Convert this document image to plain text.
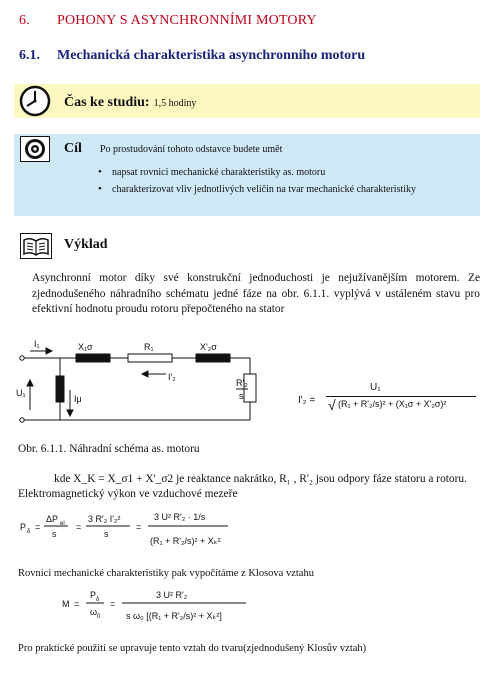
6. POHONY S ASYNCHRONNÍMI MOTORY
6.1. Mechanická charakteristika asynchronního motoru
Čas ke studiu: 1,5 hodiny
Cíl Po prostudování tohoto odstavce budete umět
• napsat rovnici mechanické charakteristiky as. motoru
• charakterizovat vliv jednotlivých veličin na tvar mechanické charakteristiky
Výklad
Asynchronní motor díky své konstrukční jednoduchosti je nejužívanějším motorem. Ze zjednodušeného náhradního schématu jedné fáze na obr. 6.1.1. vyplývá v ustáleném stavu pro efektivní hodnotu proudu rotoru přepočteného na stator
I₁	X₁σ	R₁	X'₂σ
I'₂
U₁
Iμ
R'₂
s	I'₂ =
U₁
(R₁ + R'₂/s)² + (X₁σ + X'₂σ)²
√
Obr. 6.1.1. Náhradní schéma as. motoru
kde X_K = X_σ1 + X'_σ2 je reaktance nakrátko, R₁ , R'₂ jsou odpory fáze statoru a rotoru.
Elektromagnetický výkon ve vzduchové mezeře
P δ =
ΔP el
s
=
3 R'₂ I'₂²
s
=
3 U² R'₂ · 1/s
(R₁ + R'₂/s)² + Xₖ²
Rovnici mechanické charakteristiky pak vypočítáme z Klosova vztahu
M =
P δ
ω 0
=
3 U² R'₂
s ω₀ [(R₁ + R'₂/s)² + Xₖ²]
Pro praktické použití se upravuje tento vztah do tvaru(zjednodušený Klosův vztah)
